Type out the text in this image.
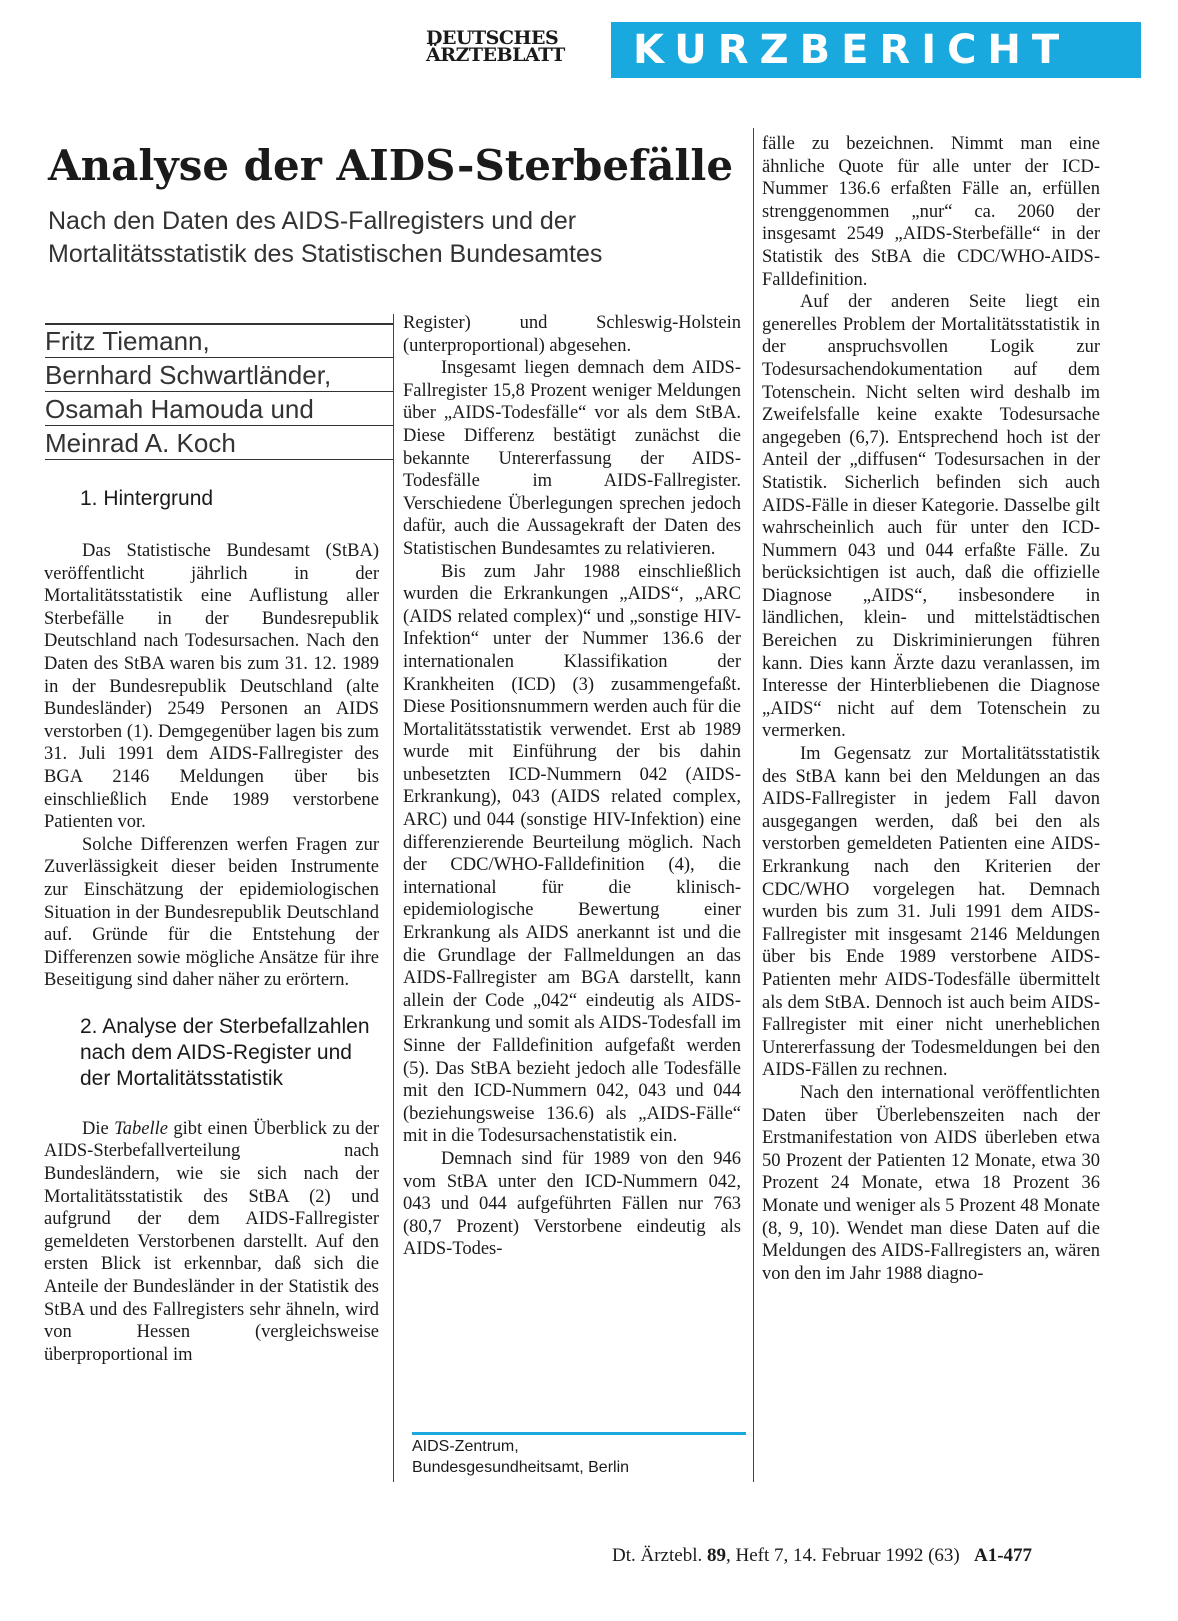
DEUTSCHES
ÄRZTEBLATT	KURZBERICHT
Analyse der AIDS-Sterbefälle
Nach den Daten des AIDS-Fallregisters und der
Mortalitätsstatistik des Statistischen Bundesamtes
Fritz Tiemann,
Bernhard Schwartländer,
Osamah Hamouda und
Meinrad A. Koch
1. Hintergrund

Das Statistische Bundesamt (StBA) veröffentlicht jährlich in der Mortalitätsstatistik eine Auflistung aller Sterbefälle in der Bundesrepublik Deutschland nach Todesursachen. Nach den Daten des StBA waren bis zum 31. 12. 1989 in der Bundesrepublik Deutschland (alte Bundesländer) 2549 Personen an AIDS verstorben (1). Demgegenüber lagen bis zum 31. Juli 1991 dem AIDS-Fallregister des BGA 2146 Meldungen über bis einschließlich Ende 1989 verstorbene Patienten vor.

Solche Differenzen werfen Fragen zur Zuverlässigkeit dieser beiden Instrumente zur Einschätzung der epidemiologischen Situation in der Bundesrepublik Deutschland auf. Gründe für die Entstehung der Differenzen sowie mögliche Ansätze für ihre Beseitigung sind daher näher zu erörtern.

2. Analyse der Sterbefallzahlen nach dem AIDS-Register und der Mortalitätsstatistik

Die Tabelle gibt einen Überblick zu der AIDS-Sterbefallverteilung nach Bundesländern, wie sie sich nach der Mortalitätsstatistik des StBA (2) und aufgrund der dem AIDS-Fallregister gemeldeten Verstorbenen darstellt. Auf den ersten Blick ist erkennbar, daß sich die Anteile der Bundesländer in der Statistik des StBA und des Fallregisters sehr ähneln, wird von Hessen (vergleichsweise überproportional im

Register) und Schleswig-Holstein (unterproportional) abgesehen.

Insgesamt liegen demnach dem AIDS-Fallregister 15,8 Prozent weniger Meldungen über „AIDS-Todesfälle“ vor als dem StBA. Diese Differenz bestätigt zunächst die bekannte Untererfassung der AIDS-Todesfälle im AIDS-Fallregister. Verschiedene Überlegungen sprechen jedoch dafür, auch die Aussagekraft der Daten des Statistischen Bundesamtes zu relativieren.

Bis zum Jahr 1988 einschließlich wurden die Erkrankungen „AIDS“, „ARC (AIDS related complex)“ und „sonstige HIV-Infektion“ unter der Nummer 136.6 der internationalen Klassifikation der Krankheiten (ICD) (3) zusammengefaßt. Diese Positionsnummern werden auch für die Mortalitätsstatistik verwendet. Erst ab 1989 wurde mit Einführung der bis dahin unbesetzten ICD-Nummern 042 (AIDS-Erkrankung), 043 (AIDS related complex, ARC) und 044 (sonstige HIV-Infektion) eine differenzierende Beurteilung möglich. Nach der CDC/WHO-Falldefinition (4), die international für die klinisch-epidemiologische Bewertung einer Erkrankung als AIDS anerkannt ist und die die Grundlage der Fallmeldungen an das AIDS-Fallregister am BGA darstellt, kann allein der Code „042“ eindeutig als AIDS-Erkrankung und somit als AIDS-Todesfall im Sinne der Falldefinition aufgefaßt werden (5). Das StBA bezieht jedoch alle Todesfälle mit den ICD-Nummern 042, 043 und 044 (beziehungsweise 136.6) als „AIDS-Fälle“ mit in die Todesursachenstatistik ein.

Demnach sind für 1989 von den 946 vom StBA unter den ICD-Nummern 042, 043 und 044 aufgeführten Fällen nur 763 (80,7 Prozent) Verstorbene eindeutig als AIDS-Todes-

AIDS-Zentrum,
Bundesgesundheitsamt, Berlin

fälle zu bezeichnen. Nimmt man eine ähnliche Quote für alle unter der ICD-Nummer 136.6 erfaßten Fälle an, erfüllen strenggenommen „nur“ ca. 2060 der insgesamt 2549 „AIDS-Sterbefälle“ in der Statistik des StBA die CDC/WHO-AIDS-Falldefinition.

Auf der anderen Seite liegt ein generelles Problem der Mortalitätsstatistik in der anspruchsvollen Logik zur Todesursachendokumentation auf dem Totenschein. Nicht selten wird deshalb im Zweifelsfalle keine exakte Todesursache angegeben (6,7). Entsprechend hoch ist der Anteil der „diffusen“ Todesursachen in der Statistik. Sicherlich befinden sich auch AIDS-Fälle in dieser Kategorie. Dasselbe gilt wahrscheinlich auch für unter den ICD-Nummern 043 und 044 erfaßte Fälle. Zu berücksichtigen ist auch, daß die offizielle Diagnose „AIDS“, insbesondere in ländlichen, klein- und mittelstädtischen Bereichen zu Diskriminierungen führen kann. Dies kann Ärzte dazu veranlassen, im Interesse der Hinterbliebenen die Diagnose „AIDS“ nicht auf dem Totenschein zu vermerken.

Im Gegensatz zur Mortalitätsstatistik des StBA kann bei den Meldungen an das AIDS-Fallregister in jedem Fall davon ausgegangen werden, daß bei den als verstorben gemeldeten Patienten eine AIDS-Erkrankung nach den Kriterien der CDC/WHO vorgelegen hat. Demnach wurden bis zum 31. Juli 1991 dem AIDS-Fallregister mit insgesamt 2146 Meldungen über bis Ende 1989 verstorbene AIDS-Patienten mehr AIDS-Todesfälle übermittelt als dem StBA. Dennoch ist auch beim AIDS-Fallregister mit einer nicht unerheblichen Untererfassung der Todesmeldungen bei den AIDS-Fällen zu rechnen.

Nach den international veröffentlichten Daten über Überlebenszeiten nach der Erstmanifestation von AIDS überleben etwa 50 Prozent der Patienten 12 Monate, etwa 30 Prozent 24 Monate, etwa 18 Prozent 36 Monate und weniger als 5 Prozent 48 Monate (8, 9, 10). Wendet man diese Daten auf die Meldungen des AIDS-Fallregisters an, wären von den im Jahr 1988 diagno-

Dt. Ärztebl. 89, Heft 7, 14. Februar 1992 (63) A1-477
